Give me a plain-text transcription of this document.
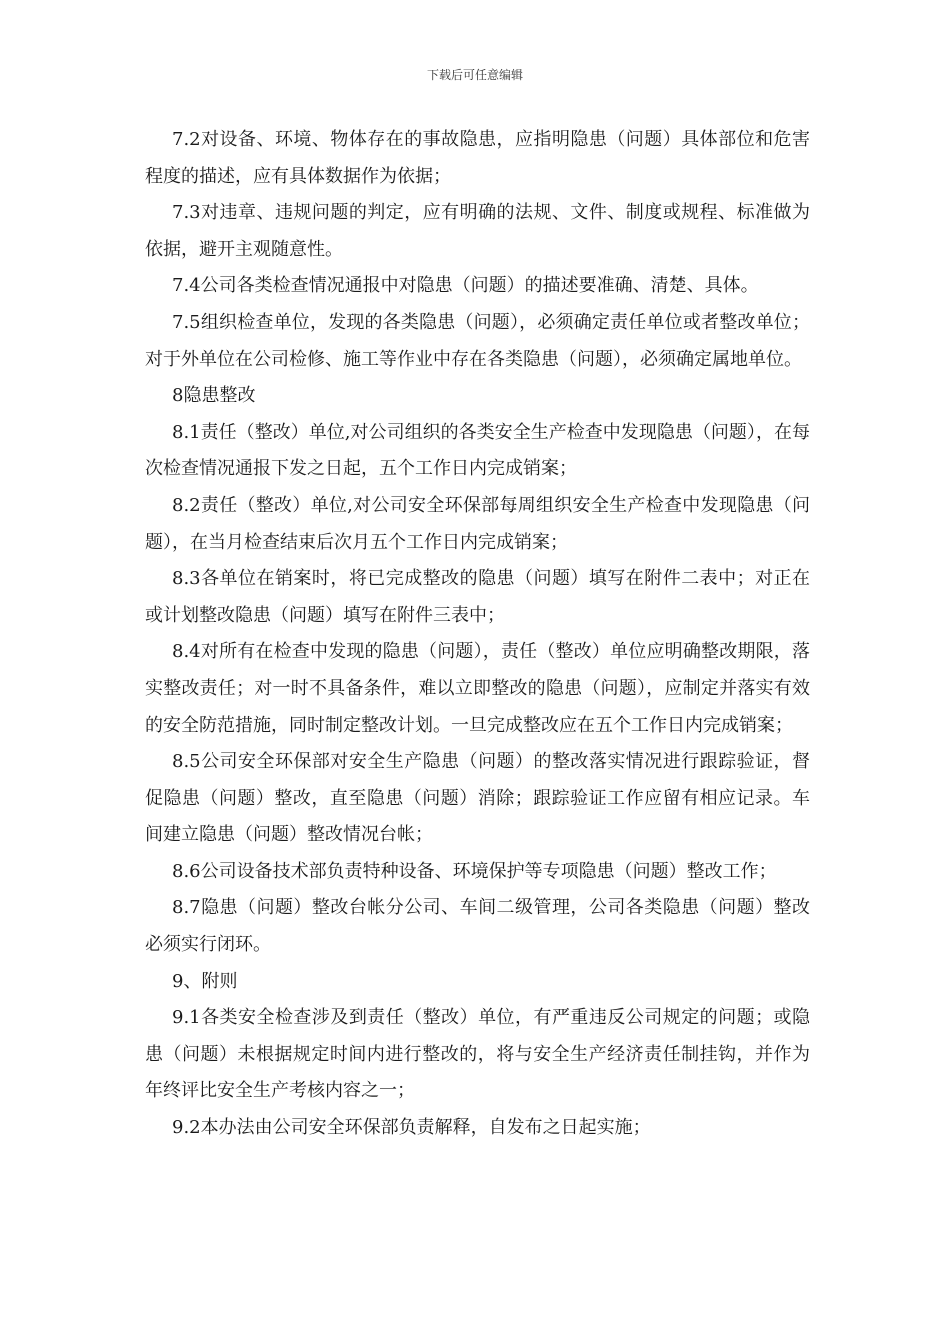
下载后可任意编辑

7.2对设备、环境、物体存在的事故隐患，应指明隐患（问题）具体部位和危害程度的描述，应有具体数据作为依据；

7.3对违章、违规问题的判定，应有明确的法规、文件、制度或规程、标准做为依据，避开主观随意性。

7.4公司各类检查情况通报中对隐患（问题）的描述要准确、清楚、具体。

7.5组织检查单位，发现的各类隐患（问题），必须确定责任单位或者整改单位；对于外单位在公司检修、施工等作业中存在各类隐患（问题），必须确定属地单位。

8隐患整改

8.1责任（整改）单位,对公司组织的各类安全生产检查中发现隐患（问题），在每次检查情况通报下发之日起，五个工作日内完成销案；

8.2责任（整改）单位,对公司安全环保部每周组织安全生产检查中发现隐患（问题），在当月检查结束后次月五个工作日内完成销案；

8.3各单位在销案时，将已完成整改的隐患（问题）填写在附件二表中；对正在或计划整改隐患（问题）填写在附件三表中；

8.4对所有在检查中发现的隐患（问题），责任（整改）单位应明确整改期限，落实整改责任；对一时不具备条件，难以立即整改的隐患（问题），应制定并落实有效的安全防范措施，同时制定整改计划。一旦完成整改应在五个工作日内完成销案；

8.5公司安全环保部对安全生产隐患（问题）的整改落实情况进行跟踪验证，督促隐患（问题）整改，直至隐患（问题）消除；跟踪验证工作应留有相应记录。车间建立隐患（问题）整改情况台帐；

8.6公司设备技术部负责特种设备、环境保护等专项隐患（问题）整改工作；

8.7隐患（问题）整改台帐分公司、车间二级管理，公司各类隐患（问题）整改必须实行闭环。

9、附则

9.1各类安全检查涉及到责任（整改）单位，有严重违反公司规定的问题；或隐患（问题）未根据规定时间内进行整改的，将与安全生产经济责任制挂钩，并作为年终评比安全生产考核内容之一；

9.2本办法由公司安全环保部负责解释，自发布之日起实施；
